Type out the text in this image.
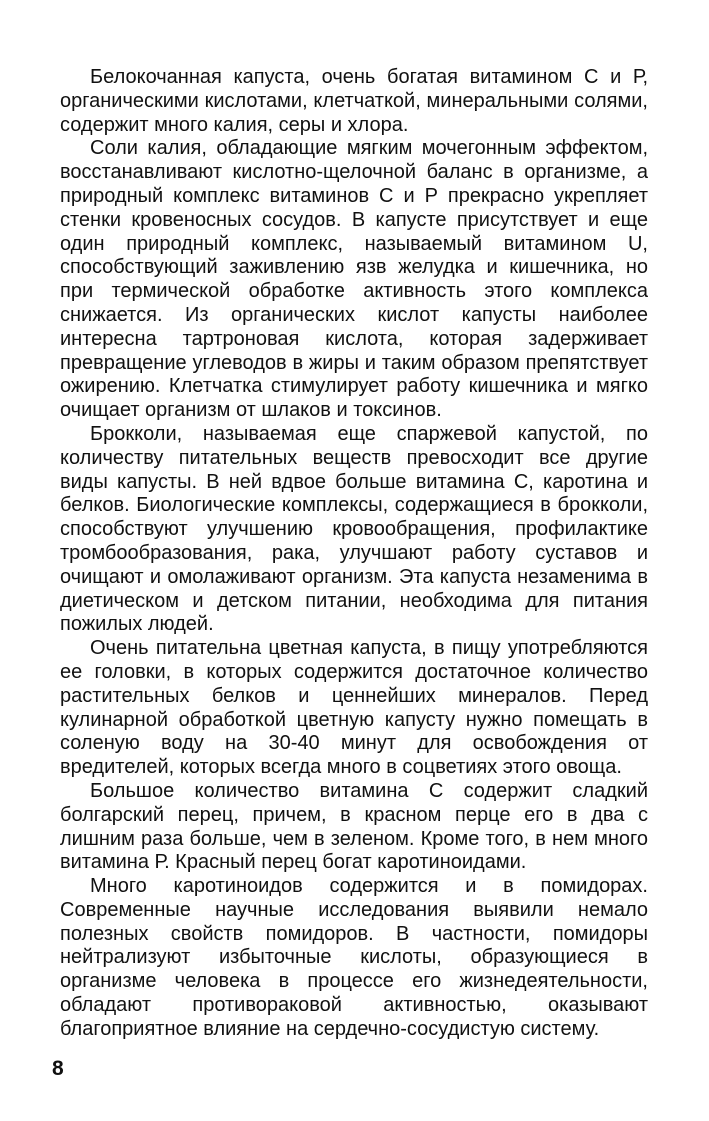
Белокочанная капуста, очень богатая витамином С и Р, органическими кислотами, клетчаткой, минеральными солями, содержит много калия, серы и хлора.

Соли калия, обладающие мягким мочегонным эффектом, восстанавливают кислотно-щелочной баланс в организме, а природный комплекс витаминов С и Р прекрасно укрепляет стенки кровеносных сосудов. В капусте присутствует и еще один природный комплекс, называемый витамином U, способствующий заживлению язв желудка и кишечника, но при термической обработке активность этого комплекса снижается. Из органических кислот капусты наиболее интересна тартроновая кислота, которая задерживает превращение углеводов в жиры и таким образом препятствует ожирению. Клетчатка стимулирует работу кишечника и мягко очищает организм от шлаков и токсинов.

Брокколи, называемая еще спаржевой капустой, по количеству питательных веществ превосходит все другие виды капусты. В ней вдвое больше витамина С, каротина и белков. Биологические комплексы, содержащиеся в брокколи, способствуют улучшению кровообращения, профилактике тромбообразования, рака, улучшают работу суставов и очищают и омолаживают организм. Эта капуста незаменима в диетическом и детском питании, необходима для питания пожилых людей.

Очень питательна цветная капуста, в пищу употребляются ее головки, в которых содержится достаточное количество растительных белков и ценнейших минералов. Перед кулинарной обработкой цветную капусту нужно помещать в соленую воду на 30-40 минут для освобождения от вредителей, которых всегда много в соцветиях этого овоща.

Большое количество витамина С содержит сладкий болгарский перец, причем, в красном перце его в два с лишним раза больше, чем в зеленом. Кроме того, в нем много витамина Р. Красный перец богат каротиноидами.

Много каротиноидов содержится и в помидорах. Современные научные исследования выявили немало полезных свойств помидоров. В частности, помидоры нейтрализуют избыточные кислоты, образующиеся в организме человека в процессе его жизнедеятельности, обладают противораковой активностью, оказывают благоприятное влияние на сердечно-сосудистую систему.

8
